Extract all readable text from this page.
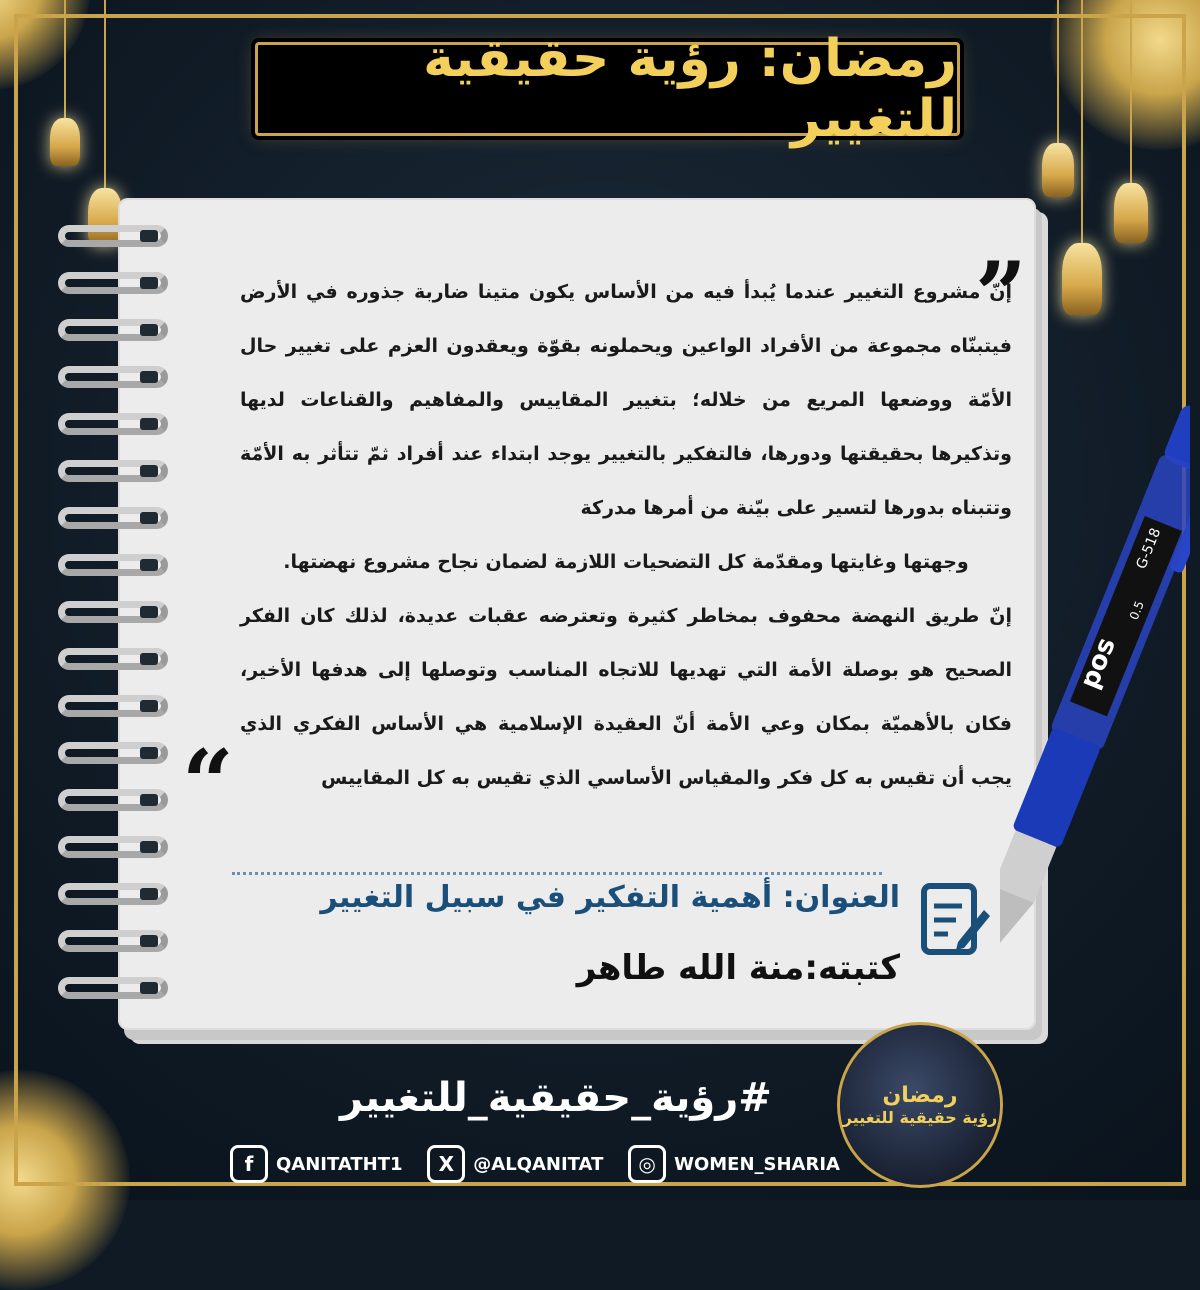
رمضان: رؤية حقيقية للتغيير
”
“

إنّ مشروع التغيير عندما يُبدأ فيه من الأساس يكون متينا ضاربة جذوره في الأرض فيتبنّاه مجموعة من الأفراد الواعين ويحملونه بقوّة ويعقدون العزم على تغيير حال الأمّة ووضعها المريع من خلاله؛ بتغيير المقاييس والمفاهيم والقناعات لديها وتذكيرها بحقيقتها ودورها، فالتفكير بالتغيير يوجد ابتداء عند أفراد ثمّ تتأثر به الأمّة وتتبناه بدورها لتسير على بيّنة من أمرها مدركة

وجهتها وغايتها ومقدّمة كل التضحيات اللازمة لضمان نجاح مشروع نهضتها.

إنّ طريق النهضة محفوف بمخاطر كثيرة وتعترضه عقبات عديدة، لذلك كان الفكر الصحيح هو بوصلة الأمة التي تهديها للاتجاه المناسب وتوصلها إلى هدفها الأخير، فكان بالأهميّة بمكان وعي الأمة أنّ العقيدة الإسلامية هي الأساس الفكري الذي يجب أن تقيس به كل فكر والمقياس الأساسي الذي تقيس به كل المقاييس

العنوان: أهمية التفكير في سبيل التغيير
كتبته:منة الله طاهر
pos
G-518
0.5
#رؤية_حقيقية_للتغيير	رمضان
رؤية حقيقية للتغيير
f	QANITATHT1	X	@ALQANITAT	◎	WOMEN_SHARIA
